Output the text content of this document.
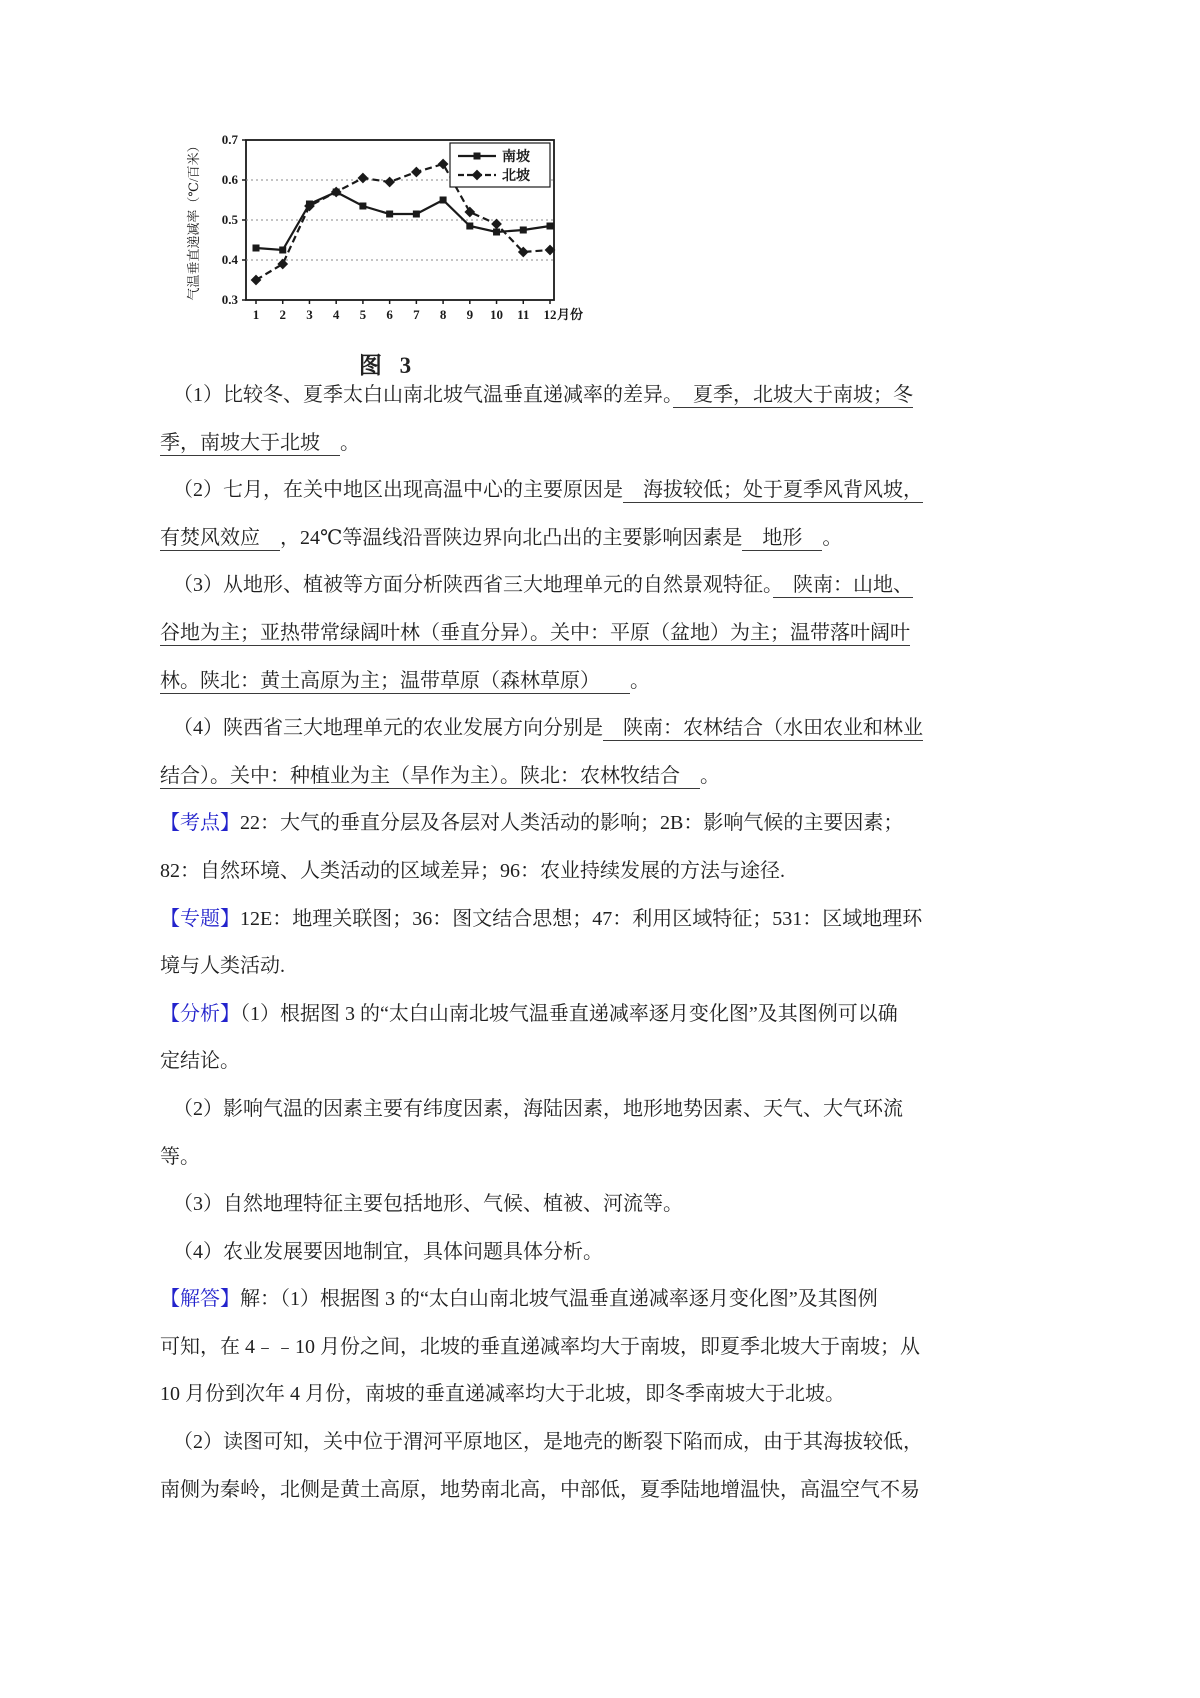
0.3
0.4
0.5
0.6
0.7
1 2 3 4 5 6 7 8 9 10 11 12 月份
气温垂直递减率（℃/百米）	南坡
北坡
图 3
（1）比较冬、夏季太白山南北坡气温垂直递减率的差异。　夏季，北坡大于南坡；冬
季，南坡大于北坡　。
（2）七月，在关中地区出现高温中心的主要原因是　海拔较低；处于夏季风背风坡，
有焚风效应　，24℃等温线沿晋陕边界向北凸出的主要影响因素是　地形　。
（3）从地形、植被等方面分析陕西省三大地理单元的自然景观特征。　陕南：山地、
谷地为主；亚热带常绿阔叶林（垂直分异）。关中：平原（盆地）为主；温带落叶阔叶
林。陕北：黄土高原为主；温带草原（森林草原）　　。
（4）陕西省三大地理单元的农业发展方向分别是　陕南：农林结合（水田农业和林业
结合）。关中：种植业为主（旱作为主）。陕北：农林牧结合　。
【考点】22：大气的垂直分层及各层对人类活动的影响；2B：影响气候的主要因素；
82：自然环境、人类活动的区域差异；96：农业持续发展的方法与途径.
【专题】12E：地理关联图；36：图文结合思想；47：利用区域特征；531：区域地理环
境与人类活动.
【分析】（1）根据图 3 的“太白山南北坡气温垂直递减率逐月变化图”及其图例可以确
定结论。
（2）影响气温的因素主要有纬度因素，海陆因素，地形地势因素、天气、大气环流
等。
（3）自然地理特征主要包括地形、气候、植被、河流等。
（4）农业发展要因地制宜，具体问题具体分析。
【解答】解：（1）根据图 3 的“太白山南北坡气温垂直递减率逐月变化图”及其图例
可知，在 4﹣﹣10 月份之间，北坡的垂直递减率均大于南坡，即夏季北坡大于南坡；从
10 月份到次年 4 月份，南坡的垂直递减率均大于北坡，即冬季南坡大于北坡。
（2）读图可知，关中位于渭河平原地区，是地壳的断裂下陷而成，由于其海拔较低，
南侧为秦岭，北侧是黄土高原，地势南北高，中部低，夏季陆地增温快，高温空气不易
